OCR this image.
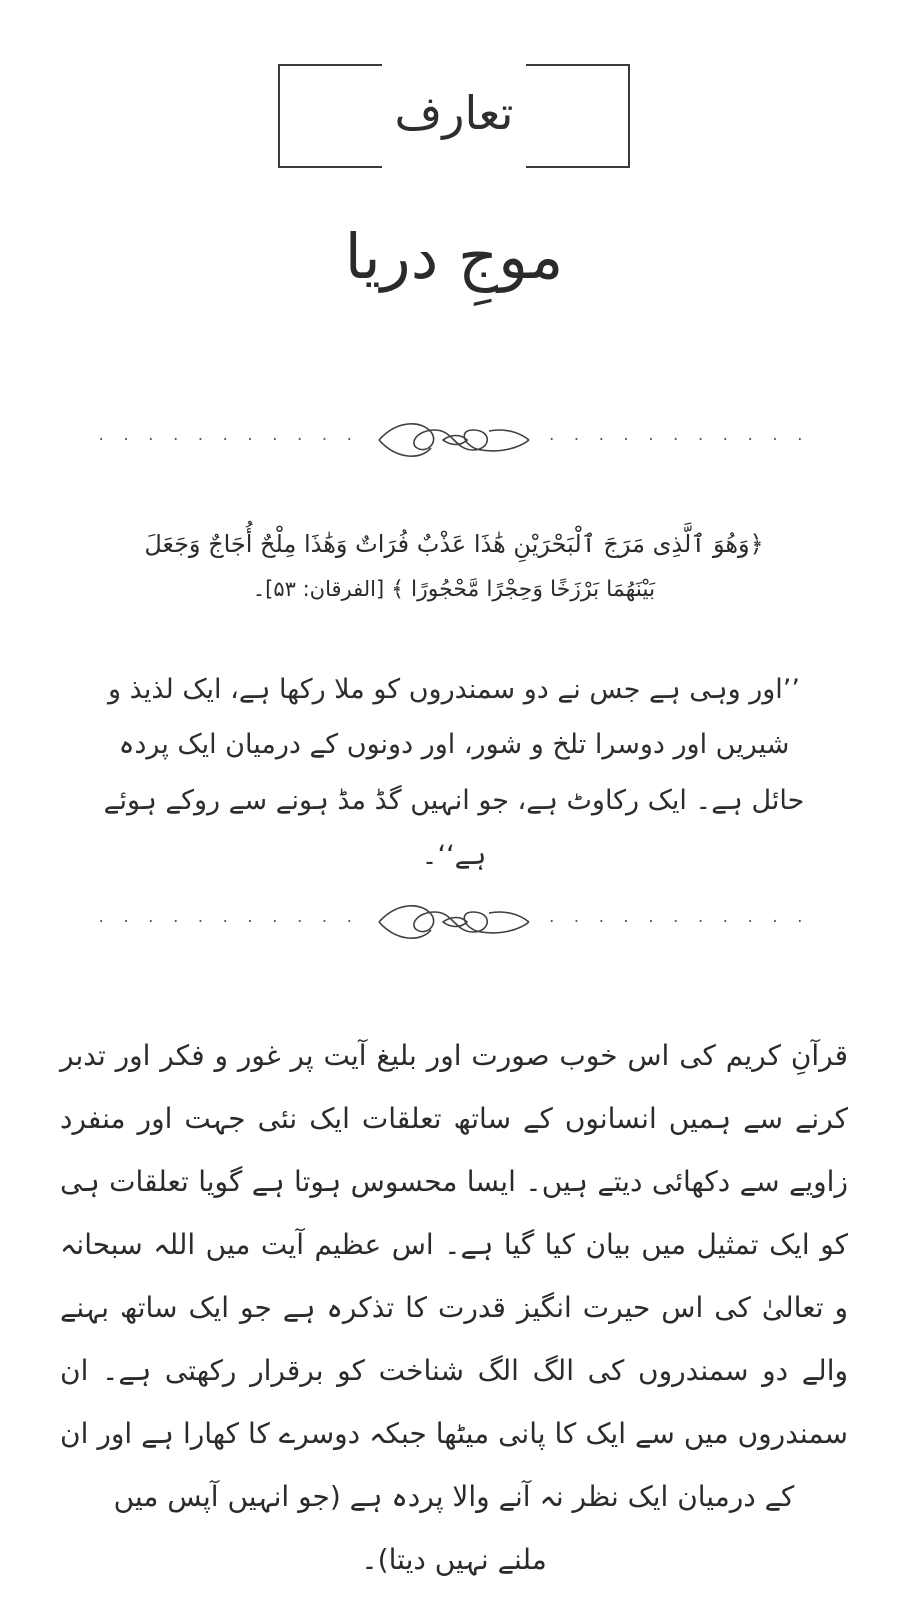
تعارف
موجِ دریا
· · · · · · · · · · ·
· · · · · · · · · · ·
﴿وَهُوَ ٱلَّذِى مَرَجَ ٱلْبَحْرَيْنِ هَٰذَا عَذْبٌ فُرَاتٌ وَهَٰذَا مِلْحٌ أُجَاجٌ وَجَعَلَ
بَيْنَهُمَا بَرْزَخًا وَحِجْرًا مَّحْجُورًا ﴾ [الفرقان: ۵۳]۔
’’اور وہی ہے جس نے دو سمندروں کو ملا رکھا ہے، ایک لذیذ و شیریں اور دوسرا تلخ و شور، اور دونوں کے درمیان ایک پردہ حائل ہے۔ ایک رکاوٹ ہے، جو انہیں گڈ مڈ ہونے سے روکے ہوئے ہے‘‘۔
· · · · · · · · · · ·
· · · · · · · · · · ·

قرآنِ کریم کی اس خوب صورت اور بلیغ آیت پر غور و فکر اور تدبر کرنے سے ہمیں انسانوں کے ساتھ تعلقات ایک نئی جہت اور منفرد زاویے سے دکھائی دیتے ہیں۔ ایسا محسوس ہوتا ہے گویا تعلقات ہی کو ایک تمثیل میں بیان کیا گیا ہے۔ اس عظیم آیت میں اللہ سبحانہ و تعالیٰ کی اس حیرت انگیز قدرت کا تذکرہ ہے جو ایک ساتھ بہنے والے دو سمندروں کی الگ الگ شناخت کو برقرار رکھتی ہے۔ ان سمندروں میں سے ایک کا پانی میٹھا جبکہ دوسرے کا کھارا ہے اور ان کے درمیان ایک نظر نہ آنے والا پردہ ہے (جو انہیں آپس میں

ملنے نہیں دیتا)۔
